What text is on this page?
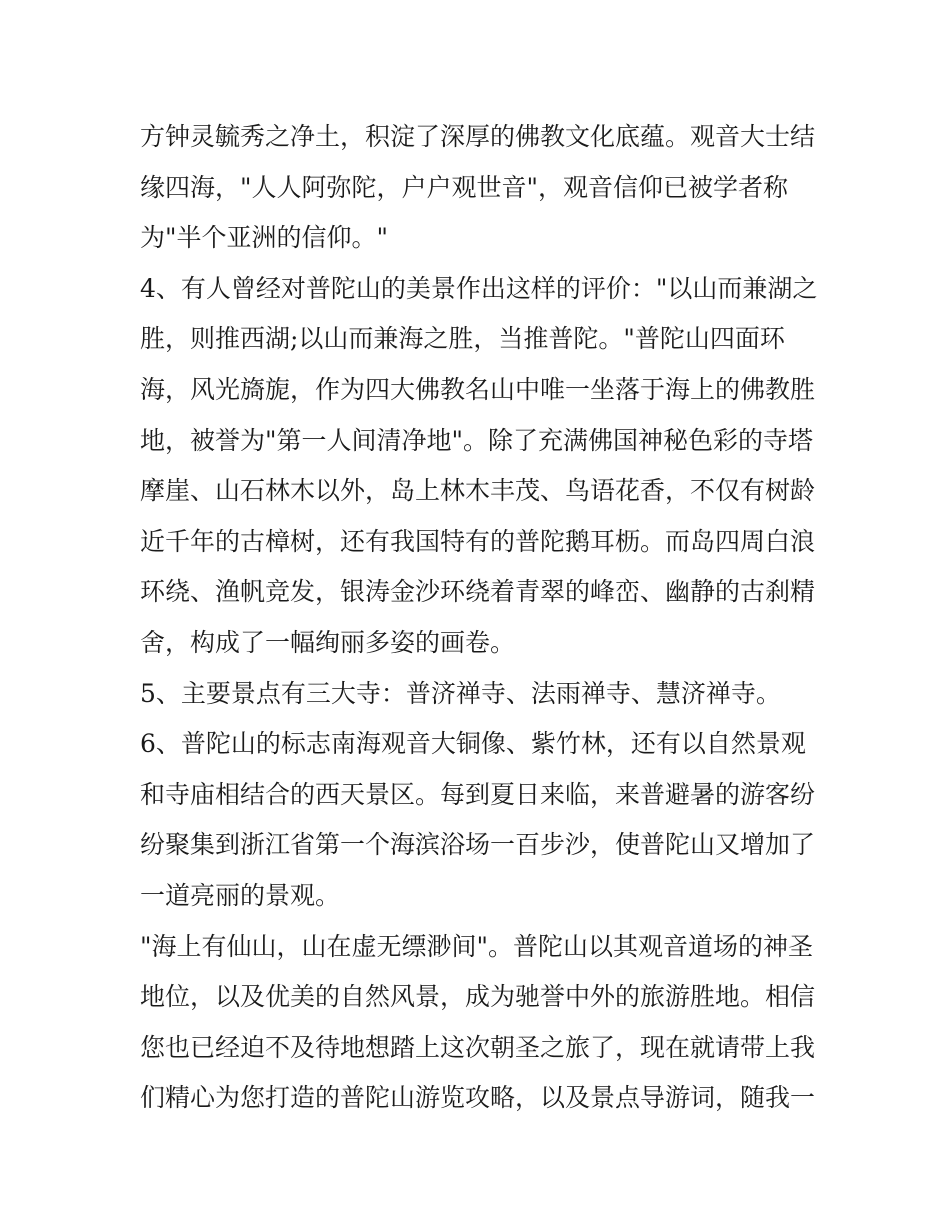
方钟灵毓秀之净土，积淀了深厚的佛教文化底蕴。观音大士结
缘四海，"人人阿弥陀，户户观世音"，观音信仰已被学者称
为"半个亚洲的信仰。"
4、有人曾经对普陀山的美景作出这样的评价："以山而兼湖之
胜，则推西湖;以山而兼海之胜，当推普陀。"普陀山四面环
海，风光旖旎，作为四大佛教名山中唯一坐落于海上的佛教胜
地，被誉为"第一人间清净地"。除了充满佛国神秘色彩的寺塔
摩崖、山石林木以外，岛上林木丰茂、鸟语花香，不仅有树龄
近千年的古樟树，还有我国特有的普陀鹅耳枥。而岛四周白浪
环绕、渔帆竞发，银涛金沙环绕着青翠的峰峦、幽静的古刹精
舍，构成了一幅绚丽多姿的画卷。
5、主要景点有三大寺：普济禅寺、法雨禅寺、慧济禅寺。
6、普陀山的标志南海观音大铜像、紫竹林，还有以自然景观
和寺庙相结合的西天景区。每到夏日来临，来普避暑的游客纷
纷聚集到浙江省第一个海滨浴场一百步沙，使普陀山又增加了
一道亮丽的景观。
"海上有仙山，山在虚无缥渺间"。普陀山以其观音道场的神圣
地位，以及优美的自然风景，成为驰誉中外的旅游胜地。相信
您也已经迫不及待地想踏上这次朝圣之旅了，现在就请带上我
们精心为您打造的普陀山游览攻略，以及景点导游词，随我一
